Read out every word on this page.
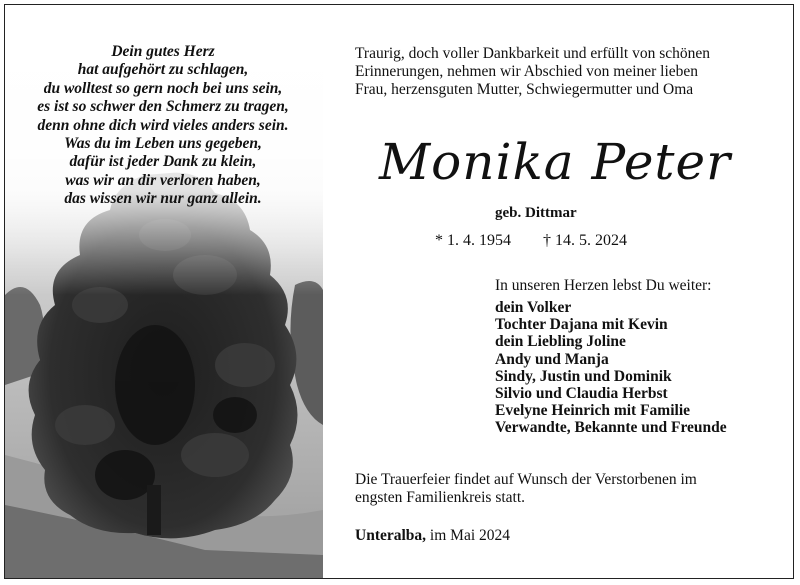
Dein gutes Herz
hat aufgehört zu schlagen,
du wolltest so gern noch bei uns sein,
es ist so schwer den Schmerz zu tragen,
denn ohne dich wird vieles anders sein.
Was du im Leben uns gegeben,
dafür ist jeder Dank zu klein,
was wir an dir verloren haben,
das wissen wir nur ganz allein.
Traurig, doch voller Dankbarkeit und erfüllt von schönen
Erinnerungen, nehmen wir Abschied von meiner lieben
Frau, herzensguten Mutter, Schwiegermutter und Oma
Monika Peter
geb. Dittmar
* 1. 4. 1954 † 14. 5. 2024
In unseren Herzen lebst Du weiter:
dein Volker
Tochter Dajana mit Kevin
dein Liebling Joline
Andy und Manja
Sindy, Justin und Dominik
Silvio und Claudia Herbst
Evelyne Heinrich mit Familie
Verwandte, Bekannte und Freunde
Die Trauerfeier findet auf Wunsch der Verstorbenen im
engsten Familienkreis statt.
Unteralba, im Mai 2024
